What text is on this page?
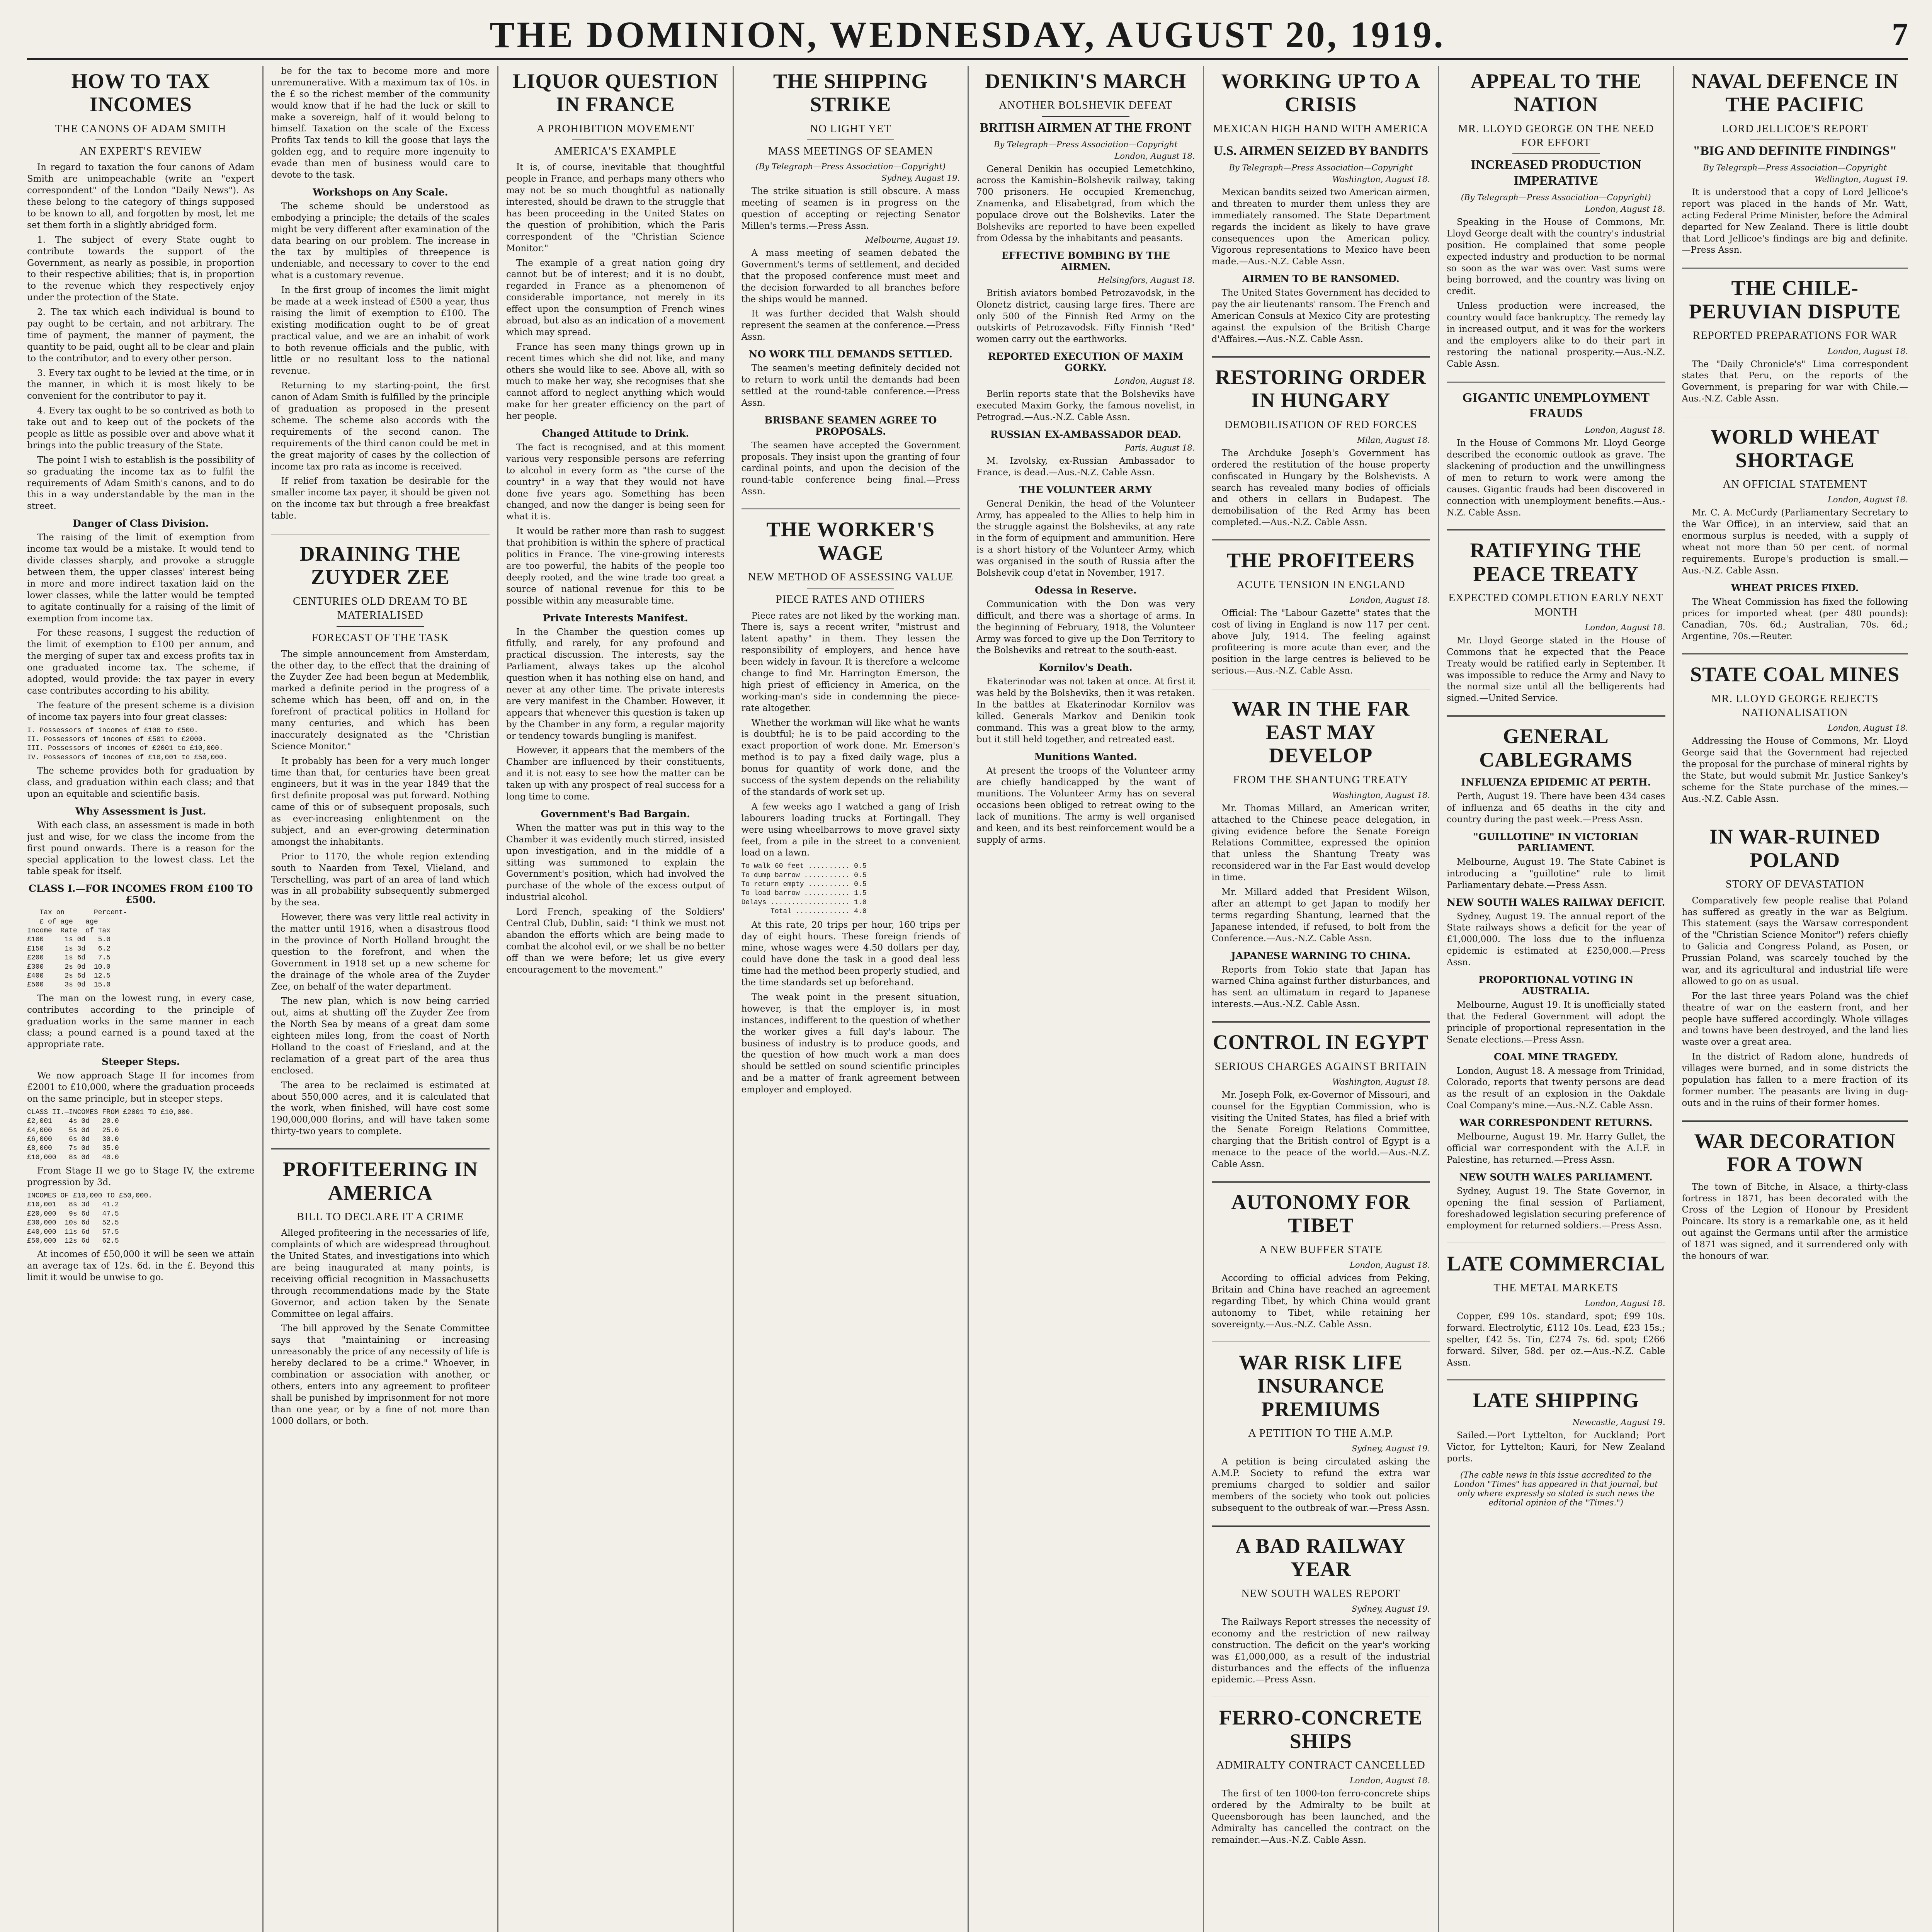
THE DOMINION, WEDNESDAY, AUGUST 20, 1919.	7
HOW TO TAX INCOMES
THE CANONS OF ADAM SMITH
AN EXPERT'S REVIEW

In regard to taxation the four canons of Adam Smith are unimpeachable (write an "expert correspondent" of the London "Daily News"). As these belong to the category of things supposed to be known to all, and forgotten by most, let me set them forth in a slightly abridged form.

1. The subject of every State ought to contribute towards the support of the Government, as nearly as possible, in proportion to their respective abilities; that is, in proportion to the revenue which they respectively enjoy under the protection of the State.

2. The tax which each individual is bound to pay ought to be certain, and not arbitrary. The time of payment, the manner of payment, the quantity to be paid, ought all to be clear and plain to the contributor, and to every other person.

3. Every tax ought to be levied at the time, or in the manner, in which it is most likely to be convenient for the contributor to pay it.

4. Every tax ought to be so contrived as both to take out and to keep out of the pockets of the people as little as possible over and above what it brings into the public treasury of the State.

The point I wish to establish is the possibility of so graduating the income tax as to fulfil the requirements of Adam Smith's canons, and to do this in a way understandable by the man in the street.

Danger of Class Division.

The raising of the limit of exemption from income tax would be a mistake. It would tend to divide classes sharply, and provoke a struggle between them, the upper classes' interest being in more and more indirect taxation laid on the lower classes, while the latter would be tempted to agitate continually for a raising of the limit of exemption from income tax.

For these reasons, I suggest the reduction of the limit of exemption to £100 per annum, and the merging of super tax and excess profits tax in one graduated income tax. The scheme, if adopted, would provide: the tax payer in every case contributes according to his ability.

The feature of the present scheme is a division of income tax payers into four great classes:

I. Possessors of incomes of £100 to £500.
II. Possessors of incomes of £501 to £2000.
III. Possessors of incomes of £2001 to £10,000.
IV. Possessors of incomes of £10,001 to £50,000.

The scheme provides both for graduation by class, and graduation within each class; and that upon an equitable and scientific basis.

Why Assessment is Just.

With each class, an assessment is made in both just and wise, for we class the income from the first pound onwards. There is a reason for the special application to the lowest class. Let the table speak for itself.

CLASS I.—FOR INCOMES FROM £100 TO £500.
Tax on       Percent-
£ of age   age
Income  Rate  of Tax
£100     1s 0d   5.0
£150     1s 3d   6.2
£200     1s 6d   7.5
£300     2s 0d  10.0
£400     2s 6d  12.5
£500     3s 0d  15.0

The man on the lowest rung, in every case, contributes according to the principle of graduation works in the same manner in each class; a pound earned is a pound taxed at the appropriate rate.

Steeper Steps.

We now approach Stage II for incomes from £2001 to £10,000, where the graduation proceeds on the same principle, but in steeper steps.

CLASS II.—INCOMES FROM £2001 TO £10,000.
£2,001    4s 0d   20.0
£4,000    5s 0d   25.0
£6,000    6s 0d   30.0
£8,000    7s 0d   35.0
£10,000   8s 0d   40.0

From Stage II we go to Stage IV, the extreme progression by 3d.

INCOMES OF £10,000 TO £50,000.
£10,001   8s 3d   41.2
£20,000   9s 6d   47.5
£30,000  10s 6d   52.5
£40,000  11s 6d   57.5
£50,000  12s 6d   62.5

At incomes of £50,000 it will be seen we attain an average tax of 12s. 6d. in the £. Beyond this limit it would be unwise to go.

be for the tax to become more and more unremunerative. With a maximum tax of 10s. in the £ so the richest member of the community would know that if he had the luck or skill to make a sovereign, half of it would belong to himself. Taxation on the scale of the Excess Profits Tax tends to kill the goose that lays the golden egg, and to require more ingenuity to evade than men of business would care to devote to the task.

Workshops on Any Scale.

The scheme should be understood as embodying a principle; the details of the scales might be very different after examination of the data bearing on our problem. The increase in the tax by multiples of threepence is undeniable, and necessary to cover to the end what is a customary revenue.

In the first group of incomes the limit might be made at a week instead of £500 a year, thus raising the limit of exemption to £100. The existing modification ought to be of great practical value, and we are an inhabit of work to both revenue officials and the public, with little or no resultant loss to the national revenue.

Returning to my starting-point, the first canon of Adam Smith is fulfilled by the principle of graduation as proposed in the present scheme. The scheme also accords with the requirements of the second canon. The requirements of the third canon could be met in the great majority of cases by the collection of income tax pro rata as income is received.

If relief from taxation be desirable for the smaller income tax payer, it should be given not on the income tax but through a free breakfast table.

DRAINING THE ZUYDER ZEE
CENTURIES OLD DREAM TO BE MATERIALISED
FORECAST OF THE TASK

The simple announcement from Amsterdam, the other day, to the effect that the draining of the Zuyder Zee had been begun at Medemblik, marked a definite period in the progress of a scheme which has been, off and on, in the forefront of practical politics in Holland for many centuries, and which has been inaccurately designated as the "Christian Science Monitor."

It probably has been for a very much longer time than that, for centuries have been great engineers, but it was in the year 1849 that the first definite proposal was put forward. Nothing came of this or of subsequent proposals, such as ever-increasing enlightenment on the subject, and an ever-growing determination amongst the inhabitants.

Prior to 1170, the whole region extending south to Naarden from Texel, Vlieland, and Terschelling, was part of an area of land which was in all probability subsequently submerged by the sea.

However, there was very little real activity in the matter until 1916, when a disastrous flood in the province of North Holland brought the question to the forefront, and when the Government in 1918 set up a new scheme for the drainage of the whole area of the Zuyder Zee, on behalf of the water department.

The new plan, which is now being carried out, aims at shutting off the Zuyder Zee from the North Sea by means of a great dam some eighteen miles long, from the coast of North Holland to the coast of Friesland, and at the reclamation of a great part of the area thus enclosed.

The area to be reclaimed is estimated at about 550,000 acres, and it is calculated that the work, when finished, will have cost some 190,000,000 florins, and will have taken some thirty-two years to complete.

PROFITEERING IN AMERICA
BILL TO DECLARE IT A CRIME

Alleged profiteering in the necessaries of life, complaints of which are widespread throughout the United States, and investigations into which are being inaugurated at many points, is receiving official recognition in Massachusetts through recommendations made by the State Governor, and action taken by the Senate Committee on legal affairs.

The bill approved by the Senate Committee says that "maintaining or increasing unreasonably the price of any necessity of life is hereby declared to be a crime." Whoever, in combination or association with another, or others, enters into any agreement to profiteer shall be punished by imprisonment for not more than one year, or by a fine of not more than 1000 dollars, or both.

LIQUOR QUESTION IN FRANCE
A PROHIBITION MOVEMENT
AMERICA'S EXAMPLE

It is, of course, inevitable that thoughtful people in France, and perhaps many others who may not be so much thoughtful as nationally interested, should be drawn to the struggle that has been proceeding in the United States on the question of prohibition, which the Paris correspondent of the "Christian Science Monitor."

The example of a great nation going dry cannot but be of interest; and it is no doubt, regarded in France as a phenomenon of considerable importance, not merely in its effect upon the consumption of French wines abroad, but also as an indication of a movement which may spread.

France has seen many things grown up in recent times which she did not like, and many others she would like to see. Above all, with so much to make her way, she recognises that she cannot afford to neglect anything which would make for her greater efficiency on the part of her people.

Changed Attitude to Drink.

The fact is recognised, and at this moment various very responsible persons are referring to alcohol in every form as "the curse of the country" in a way that they would not have done five years ago. Something has been changed, and now the danger is being seen for what it is.

It would be rather more than rash to suggest that prohibition is within the sphere of practical politics in France. The vine-growing interests are too powerful, the habits of the people too deeply rooted, and the wine trade too great a source of national revenue for this to be possible within any measurable time.

Private Interests Manifest.

In the Chamber the question comes up fitfully, and rarely, for any profound and practical discussion. The interests, say the Parliament, always takes up the alcohol question when it has nothing else on hand, and never at any other time. The private interests are very manifest in the Chamber. However, it appears that whenever this question is taken up by the Chamber in any form, a regular majority or tendency towards bungling is manifest.

However, it appears that the members of the Chamber are influenced by their constituents, and it is not easy to see how the matter can be taken up with any prospect of real success for a long time to come.

Government's Bad Bargain.

When the matter was put in this way to the Chamber it was evidently much stirred, insisted upon investigation, and in the middle of a sitting was summoned to explain the Government's position, which had involved the purchase of the whole of the excess output of industrial alcohol.

Lord French, speaking of the Soldiers' Central Club, Dublin, said: "I think we must not abandon the efforts which are being made to combat the alcohol evil, or we shall be no better off than we were before; let us give every encouragement to the movement."

THE SHIPPING STRIKE
NO LIGHT YET
MASS MEETINGS OF SEAMEN
(By Telegraph—Press Association—Copyright)
Sydney, August 19.

The strike situation is still obscure. A mass meeting of seamen is in progress on the question of accepting or rejecting Senator Millen's terms.—Press Assn.

Melbourne, August 19.

A mass meeting of seamen debated the Government's terms of settlement, and decided that the proposed conference must meet and the decision forwarded to all branches before the ships would be manned.

It was further decided that Walsh should represent the seamen at the conference.—Press Assn.

NO WORK TILL DEMANDS SETTLED.

The seamen's meeting definitely decided not to return to work until the demands had been settled at the round-table conference.—Press Assn.

BRISBANE SEAMEN AGREE TO PROPOSALS.

The seamen have accepted the Government proposals. They insist upon the granting of four cardinal points, and upon the decision of the round-table conference being final.—Press Assn.

THE WORKER'S WAGE
NEW METHOD OF ASSESSING VALUE
PIECE RATES AND OTHERS

Piece rates are not liked by the working man. There is, says a recent writer, "mistrust and latent apathy" in them. They lessen the responsibility of employers, and hence have been widely in favour. It is therefore a welcome change to find Mr. Harrington Emerson, the high priest of efficiency in America, on the working-man's side in condemning the piece-rate altogether.

Whether the workman will like what he wants is doubtful; he is to be paid according to the exact proportion of work done. Mr. Emerson's method is to pay a fixed daily wage, plus a bonus for quantity of work done, and the success of the system depends on the reliability of the standards of work set up.

A few weeks ago I watched a gang of Irish labourers loading trucks at Fortingall. They were using wheelbarrows to move gravel sixty feet, from a pile in the street to a convenient load on a lawn.

To walk 60 feet .......... 0.5
To dump barrow ........... 0.5
To return empty .......... 0.5
To load barrow ........... 1.5
Delays ................... 1.0
Total ............. 4.0

At this rate, 20 trips per hour, 160 trips per day of eight hours. These foreign friends of mine, whose wages were 4.50 dollars per day, could have done the task in a good deal less time had the method been properly studied, and the time standards set up beforehand.

The weak point in the present situation, however, is that the employer is, in most instances, indifferent to the question of whether the worker gives a full day's labour. The business of industry is to produce goods, and the question of how much work a man does should be settled on sound scientific principles and be a matter of frank agreement between employer and employed.

DENIKIN'S MARCH
ANOTHER BOLSHEVIK DEFEAT
BRITISH AIRMEN AT THE FRONT
By Telegraph—Press Association—Copyright
London, August 18.

General Denikin has occupied Lemetchkino, across the Kamishin–Bolshevik railway, taking 700 prisoners. He occupied Kremenchug, Znamenka, and Elisabetgrad, from which the populace drove out the Bolsheviks. Later the Bolsheviks are reported to have been expelled from Odessa by the inhabitants and peasants.

EFFECTIVE BOMBING BY THE AIRMEN.
Helsingfors, August 18.

British aviators bombed Petrozavodsk, in the Olonetz district, causing large fires. There are only 500 of the Finnish Red Army on the outskirts of Petrozavodsk. Fifty Finnish "Red" women carry out the earthworks.

REPORTED EXECUTION OF MAXIM GORKY.
London, August 18.

Berlin reports state that the Bolsheviks have executed Maxim Gorky, the famous novelist, in Petrograd.—Aus.-N.Z. Cable Assn.

RUSSIAN EX-AMBASSADOR DEAD.
Paris, August 18.

M. Izvolsky, ex-Russian Ambassador to France, is dead.—Aus.-N.Z. Cable Assn.

THE VOLUNTEER ARMY

General Denikin, the head of the Volunteer Army, has appealed to the Allies to help him in the struggle against the Bolsheviks, at any rate in the form of equipment and ammunition. Here is a short history of the Volunteer Army, which was organised in the south of Russia after the Bolshevik coup d'etat in November, 1917.

Odessa in Reserve.

Communication with the Don was very difficult, and there was a shortage of arms. In the beginning of February, 1918, the Volunteer Army was forced to give up the Don Territory to the Bolsheviks and retreat to the south-east.

Kornilov's Death.

Ekaterinodar was not taken at once. At first it was held by the Bolsheviks, then it was retaken. In the battles at Ekaterinodar Kornilov was killed. Generals Markov and Denikin took command. This was a great blow to the army, but it still held together, and retreated east.

Munitions Wanted.

At present the troops of the Volunteer army are chiefly handicapped by the want of munitions. The Volunteer Army has on several occasions been obliged to retreat owing to the lack of munitions. The army is well organised and keen, and its best reinforcement would be a supply of arms.

WORKING UP TO A CRISIS
MEXICAN HIGH HAND WITH AMERICA
U.S. AIRMEN SEIZED BY BANDITS
By Telegraph—Press Association—Copyright
Washington, August 18.

Mexican bandits seized two American airmen, and threaten to murder them unless they are immediately ransomed. The State Department regards the incident as likely to have grave consequences upon the American policy. Vigorous representations to Mexico have been made.—Aus.-N.Z. Cable Assn.

AIRMEN TO BE RANSOMED.

The United States Government has decided to pay the air lieutenants' ransom. The French and American Consuls at Mexico City are protesting against the expulsion of the British Charge d'Affaires.—Aus.-N.Z. Cable Assn.

RESTORING ORDER IN HUNGARY
DEMOBILISATION OF RED FORCES
Milan, August 18.

The Archduke Joseph's Government has ordered the restitution of the house property confiscated in Hungary by the Bolshevists. A search has revealed many bodies of officials and others in cellars in Budapest. The demobilisation of the Red Army has been completed.—Aus.-N.Z. Cable Assn.

THE PROFITEERS
ACUTE TENSION IN ENGLAND
London, August 18.

Official: The "Labour Gazette" states that the cost of living in England is now 117 per cent. above July, 1914. The feeling against profiteering is more acute than ever, and the position in the large centres is believed to be serious.—Aus.-N.Z. Cable Assn.

WAR IN THE FAR EAST MAY DEVELOP
FROM THE SHANTUNG TREATY
Washington, August 18.

Mr. Thomas Millard, an American writer, attached to the Chinese peace delegation, in giving evidence before the Senate Foreign Relations Committee, expressed the opinion that unless the Shantung Treaty was reconsidered war in the Far East would develop in time.

Mr. Millard added that President Wilson, after an attempt to get Japan to modify her terms regarding Shantung, learned that the Japanese intended, if refused, to bolt from the Conference.—Aus.-N.Z. Cable Assn.

JAPANESE WARNING TO CHINA.

Reports from Tokio state that Japan has warned China against further disturbances, and has sent an ultimatum in regard to Japanese interests.—Aus.-N.Z. Cable Assn.

CONTROL IN EGYPT
SERIOUS CHARGES AGAINST BRITAIN
Washington, August 18.

Mr. Joseph Folk, ex-Governor of Missouri, and counsel for the Egyptian Commission, who is visiting the United States, has filed a brief with the Senate Foreign Relations Committee, charging that the British control of Egypt is a menace to the peace of the world.—Aus.-N.Z. Cable Assn.

AUTONOMY FOR TIBET
A NEW BUFFER STATE
London, August 18.

According to official advices from Peking, Britain and China have reached an agreement regarding Tibet, by which China would grant autonomy to Tibet, while retaining her sovereignty.—Aus.-N.Z. Cable Assn.

WAR RISK LIFE INSURANCE PREMIUMS
A PETITION TO THE A.M.P.
Sydney, August 19.

A petition is being circulated asking the A.M.P. Society to refund the extra war premiums charged to soldier and sailor members of the society who took out policies subsequent to the outbreak of war.—Press Assn.

A BAD RAILWAY YEAR
NEW SOUTH WALES REPORT
Sydney, August 19.

The Railways Report stresses the necessity of economy and the restriction of new railway construction. The deficit on the year's working was £1,000,000, as a result of the industrial disturbances and the effects of the influenza epidemic.—Press Assn.

FERRO-CONCRETE SHIPS
ADMIRALTY CONTRACT CANCELLED
London, August 18.

The first of ten 1000-ton ferro-concrete ships ordered by the Admiralty to be built at Queensborough has been launched, and the Admiralty has cancelled the contract on the remainder.—Aus.-N.Z. Cable Assn.

APPEAL TO THE NATION
MR. LLOYD GEORGE ON THE NEED FOR EFFORT
INCREASED PRODUCTION IMPERATIVE
(By Telegraph—Press Association—Copyright)
London, August 18.

Speaking in the House of Commons, Mr. Lloyd George dealt with the country's industrial position. He complained that some people expected industry and production to be normal so soon as the war was over. Vast sums were being borrowed, and the country was living on credit.

Unless production were increased, the country would face bankruptcy. The remedy lay in increased output, and it was for the workers and the employers alike to do their part in restoring the national prosperity.—Aus.-N.Z. Cable Assn.

GIGANTIC UNEMPLOYMENT FRAUDS
London, August 18.

In the House of Commons Mr. Lloyd George described the economic outlook as grave. The slackening of production and the unwillingness of men to return to work were among the causes. Gigantic frauds had been discovered in connection with unemployment benefits.—Aus.-N.Z. Cable Assn.

RATIFYING THE PEACE TREATY
EXPECTED COMPLETION EARLY NEXT MONTH
London, August 18.

Mr. Lloyd George stated in the House of Commons that he expected that the Peace Treaty would be ratified early in September. It was impossible to reduce the Army and Navy to the normal size until all the belligerents had signed.—United Service.

GENERAL CABLEGRAMS
INFLUENZA EPIDEMIC AT PERTH.

Perth, August 19. There have been 434 cases of influenza and 65 deaths in the city and country during the past week.—Press Assn.

"GUILLOTINE" IN VICTORIAN PARLIAMENT.

Melbourne, August 19. The State Cabinet is introducing a "guillotine" rule to limit Parliamentary debate.—Press Assn.

NEW SOUTH WALES RAILWAY DEFICIT.

Sydney, August 19. The annual report of the State railways shows a deficit for the year of £1,000,000. The loss due to the influenza epidemic is estimated at £250,000.—Press Assn.

PROPORTIONAL VOTING IN AUSTRALIA.

Melbourne, August 19. It is unofficially stated that the Federal Government will adopt the principle of proportional representation in the Senate elections.—Press Assn.

COAL MINE TRAGEDY.

London, August 18. A message from Trinidad, Colorado, reports that twenty persons are dead as the result of an explosion in the Oakdale Coal Company's mine.—Aus.-N.Z. Cable Assn.

WAR CORRESPONDENT RETURNS.

Melbourne, August 19. Mr. Harry Gullet, the official war correspondent with the A.I.F. in Palestine, has returned.—Press Assn.

NEW SOUTH WALES PARLIAMENT.

Sydney, August 19. The State Governor, in opening the final session of Parliament, foreshadowed legislation securing preference of employment for returned soldiers.—Press Assn.

LATE COMMERCIAL
THE METAL MARKETS
London, August 18.

Copper, £99 10s. standard, spot; £99 10s. forward. Electrolytic, £112 10s. Lead, £23 15s.; spelter, £42 5s. Tin, £274 7s. 6d. spot; £266 forward. Silver, 58d. per oz.—Aus.-N.Z. Cable Assn.

LATE SHIPPING
Newcastle, August 19.

Sailed.—Port Lyttelton, for Auckland; Port Victor, for Lyttelton; Kauri, for New Zealand ports.

(The cable news in this issue accredited to the London "Times" has appeared in that journal, but only where expressly so stated is such news the editorial opinion of the "Times.")
NAVAL DEFENCE IN THE PACIFIC
LORD JELLICOE'S REPORT
"BIG AND DEFINITE FINDINGS"
By Telegraph—Press Association—Copyright
Wellington, August 19.

It is understood that a copy of Lord Jellicoe's report was placed in the hands of Mr. Watt, acting Federal Prime Minister, before the Admiral departed for New Zealand. There is little doubt that Lord Jellicoe's findings are big and definite.—Press Assn.

THE CHILE-PERUVIAN DISPUTE
REPORTED PREPARATIONS FOR WAR
London, August 18.

The "Daily Chronicle's" Lima correspondent states that Peru, on the reports of the Government, is preparing for war with Chile.—Aus.-N.Z. Cable Assn.

WORLD WHEAT SHORTAGE
AN OFFICIAL STATEMENT
London, August 18.

Mr. C. A. McCurdy (Parliamentary Secretary to the War Office), in an interview, said that an enormous surplus is needed, with a supply of wheat not more than 50 per cent. of normal requirements. Europe's production is small.—Aus.-N.Z. Cable Assn.

WHEAT PRICES FIXED.

The Wheat Commission has fixed the following prices for imported wheat (per 480 pounds): Canadian, 70s. 6d.; Australian, 70s. 6d.; Argentine, 70s.—Reuter.

STATE COAL MINES
MR. LLOYD GEORGE REJECTS NATIONALISATION
London, August 18.

Addressing the House of Commons, Mr. Lloyd George said that the Government had rejected the proposal for the purchase of mineral rights by the State, but would submit Mr. Justice Sankey's scheme for the State purchase of the mines.—Aus.-N.Z. Cable Assn.

IN WAR-RUINED POLAND
STORY OF DEVASTATION

Comparatively few people realise that Poland has suffered as greatly in the war as Belgium. This statement (says the Warsaw correspondent of the "Christian Science Monitor") refers chiefly to Galicia and Congress Poland, as Posen, or Prussian Poland, was scarcely touched by the war, and its agricultural and industrial life were allowed to go on as usual.

For the last three years Poland was the chief theatre of war on the eastern front, and her people have suffered accordingly. Whole villages and towns have been destroyed, and the land lies waste over a great area.

In the district of Radom alone, hundreds of villages were burned, and in some districts the population has fallen to a mere fraction of its former number. The peasants are living in dug-outs and in the ruins of their former homes.

WAR DECORATION FOR A TOWN

The town of Bitche, in Alsace, a thirty-class fortress in 1871, has been decorated with the Cross of the Legion of Honour by President Poincare. Its story is a remarkable one, as it held out against the Germans until after the armistice of 1871 was signed, and it surrendered only with the honours of war.
